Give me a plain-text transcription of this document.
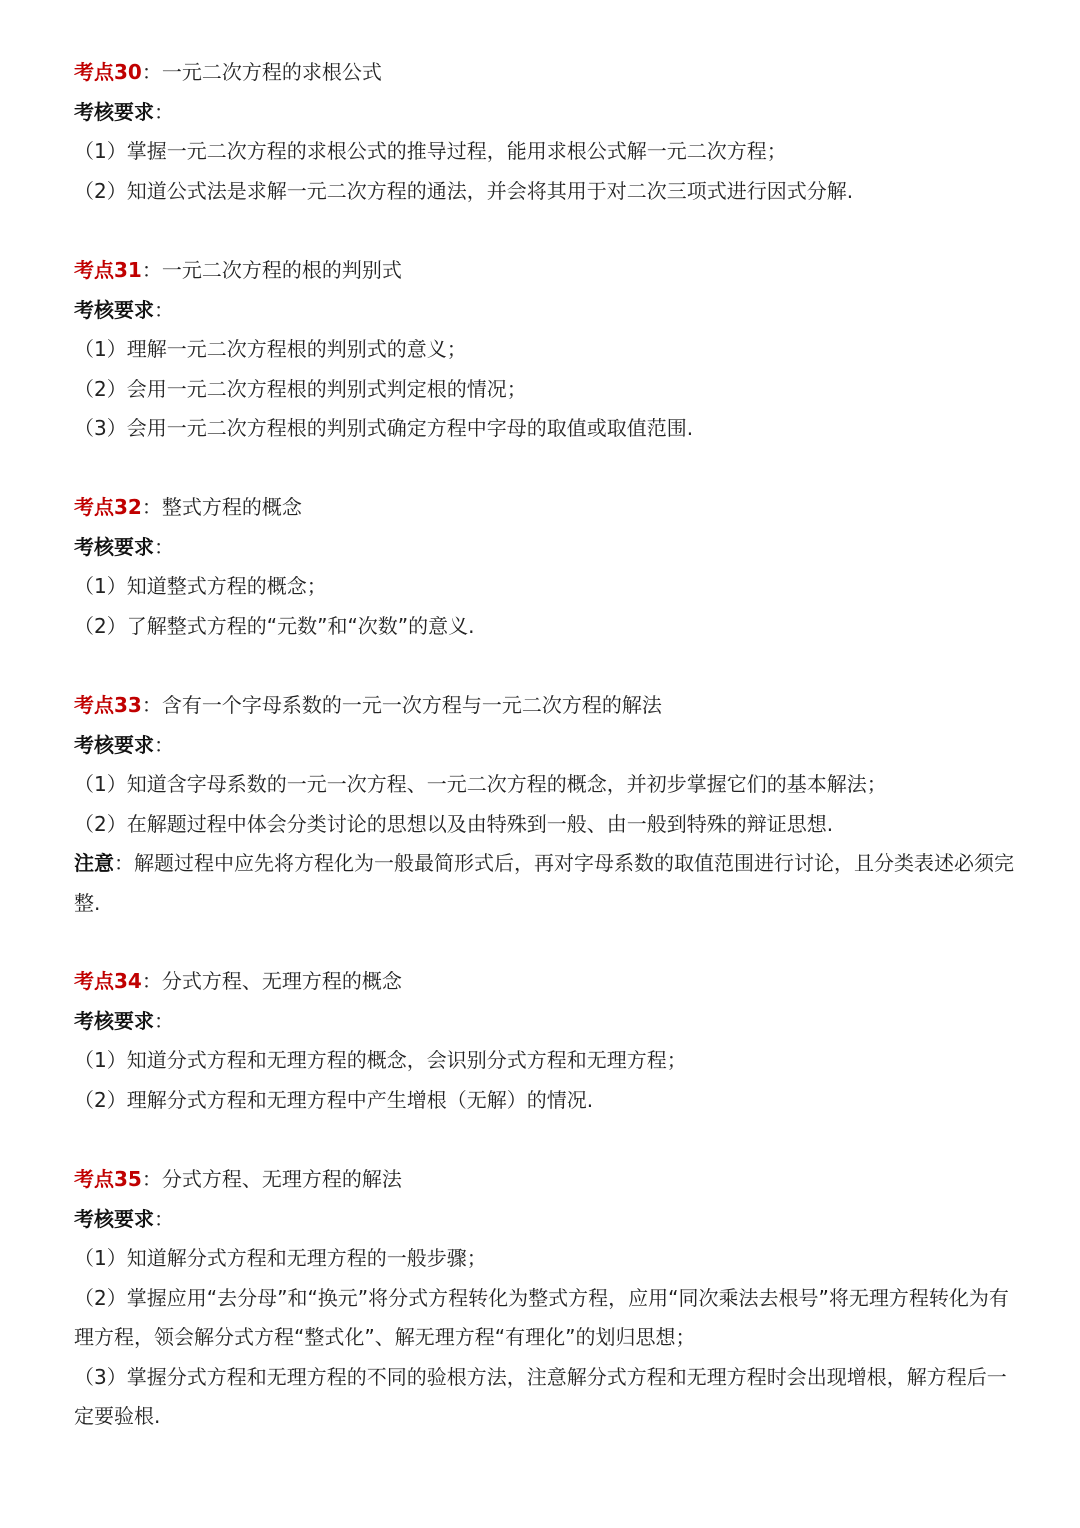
考点30：一元二次方程的求根公式
考核要求：
（1）掌握一元二次方程的求根公式的推导过程，能用求根公式解一元二次方程；
（2）知道公式法是求解一元二次方程的通法，并会将其用于对二次三项式进行因式分解.
考点31：一元二次方程的根的判别式
考核要求：
（1）理解一元二次方程根的判别式的意义；
（2）会用一元二次方程根的判别式判定根的情况；
（3）会用一元二次方程根的判别式确定方程中字母的取值或取值范围.
考点32：整式方程的概念
考核要求：
（1）知道整式方程的概念；
（2）了解整式方程的“元数”和“次数”的意义.
考点33：含有一个字母系数的一元一次方程与一元二次方程的解法
考核要求：
（1）知道含字母系数的一元一次方程、一元二次方程的概念，并初步掌握它们的基本解法；
（2）在解题过程中体会分类讨论的思想以及由特殊到一般、由一般到特殊的辩证思想.
注意：解题过程中应先将方程化为一般最简形式后，再对字母系数的取值范围进行讨论，且分类表述必须完整.
考点34：分式方程、无理方程的概念
考核要求：
（1）知道分式方程和无理方程的概念，会识别分式方程和无理方程；
（2）理解分式方程和无理方程中产生增根（无解）的情况.
考点35：分式方程、无理方程的解法
考核要求：
（1）知道解分式方程和无理方程的一般步骤；
（2）掌握应用“去分母”和“换元”将分式方程转化为整式方程，应用“同次乘法去根号”将无理方程转化为有理方程，领会解分式方程“整式化”、解无理方程“有理化”的划归思想；
（3）掌握分式方程和无理方程的不同的验根方法，注意解分式方程和无理方程时会出现增根，解方程后一定要验根.
